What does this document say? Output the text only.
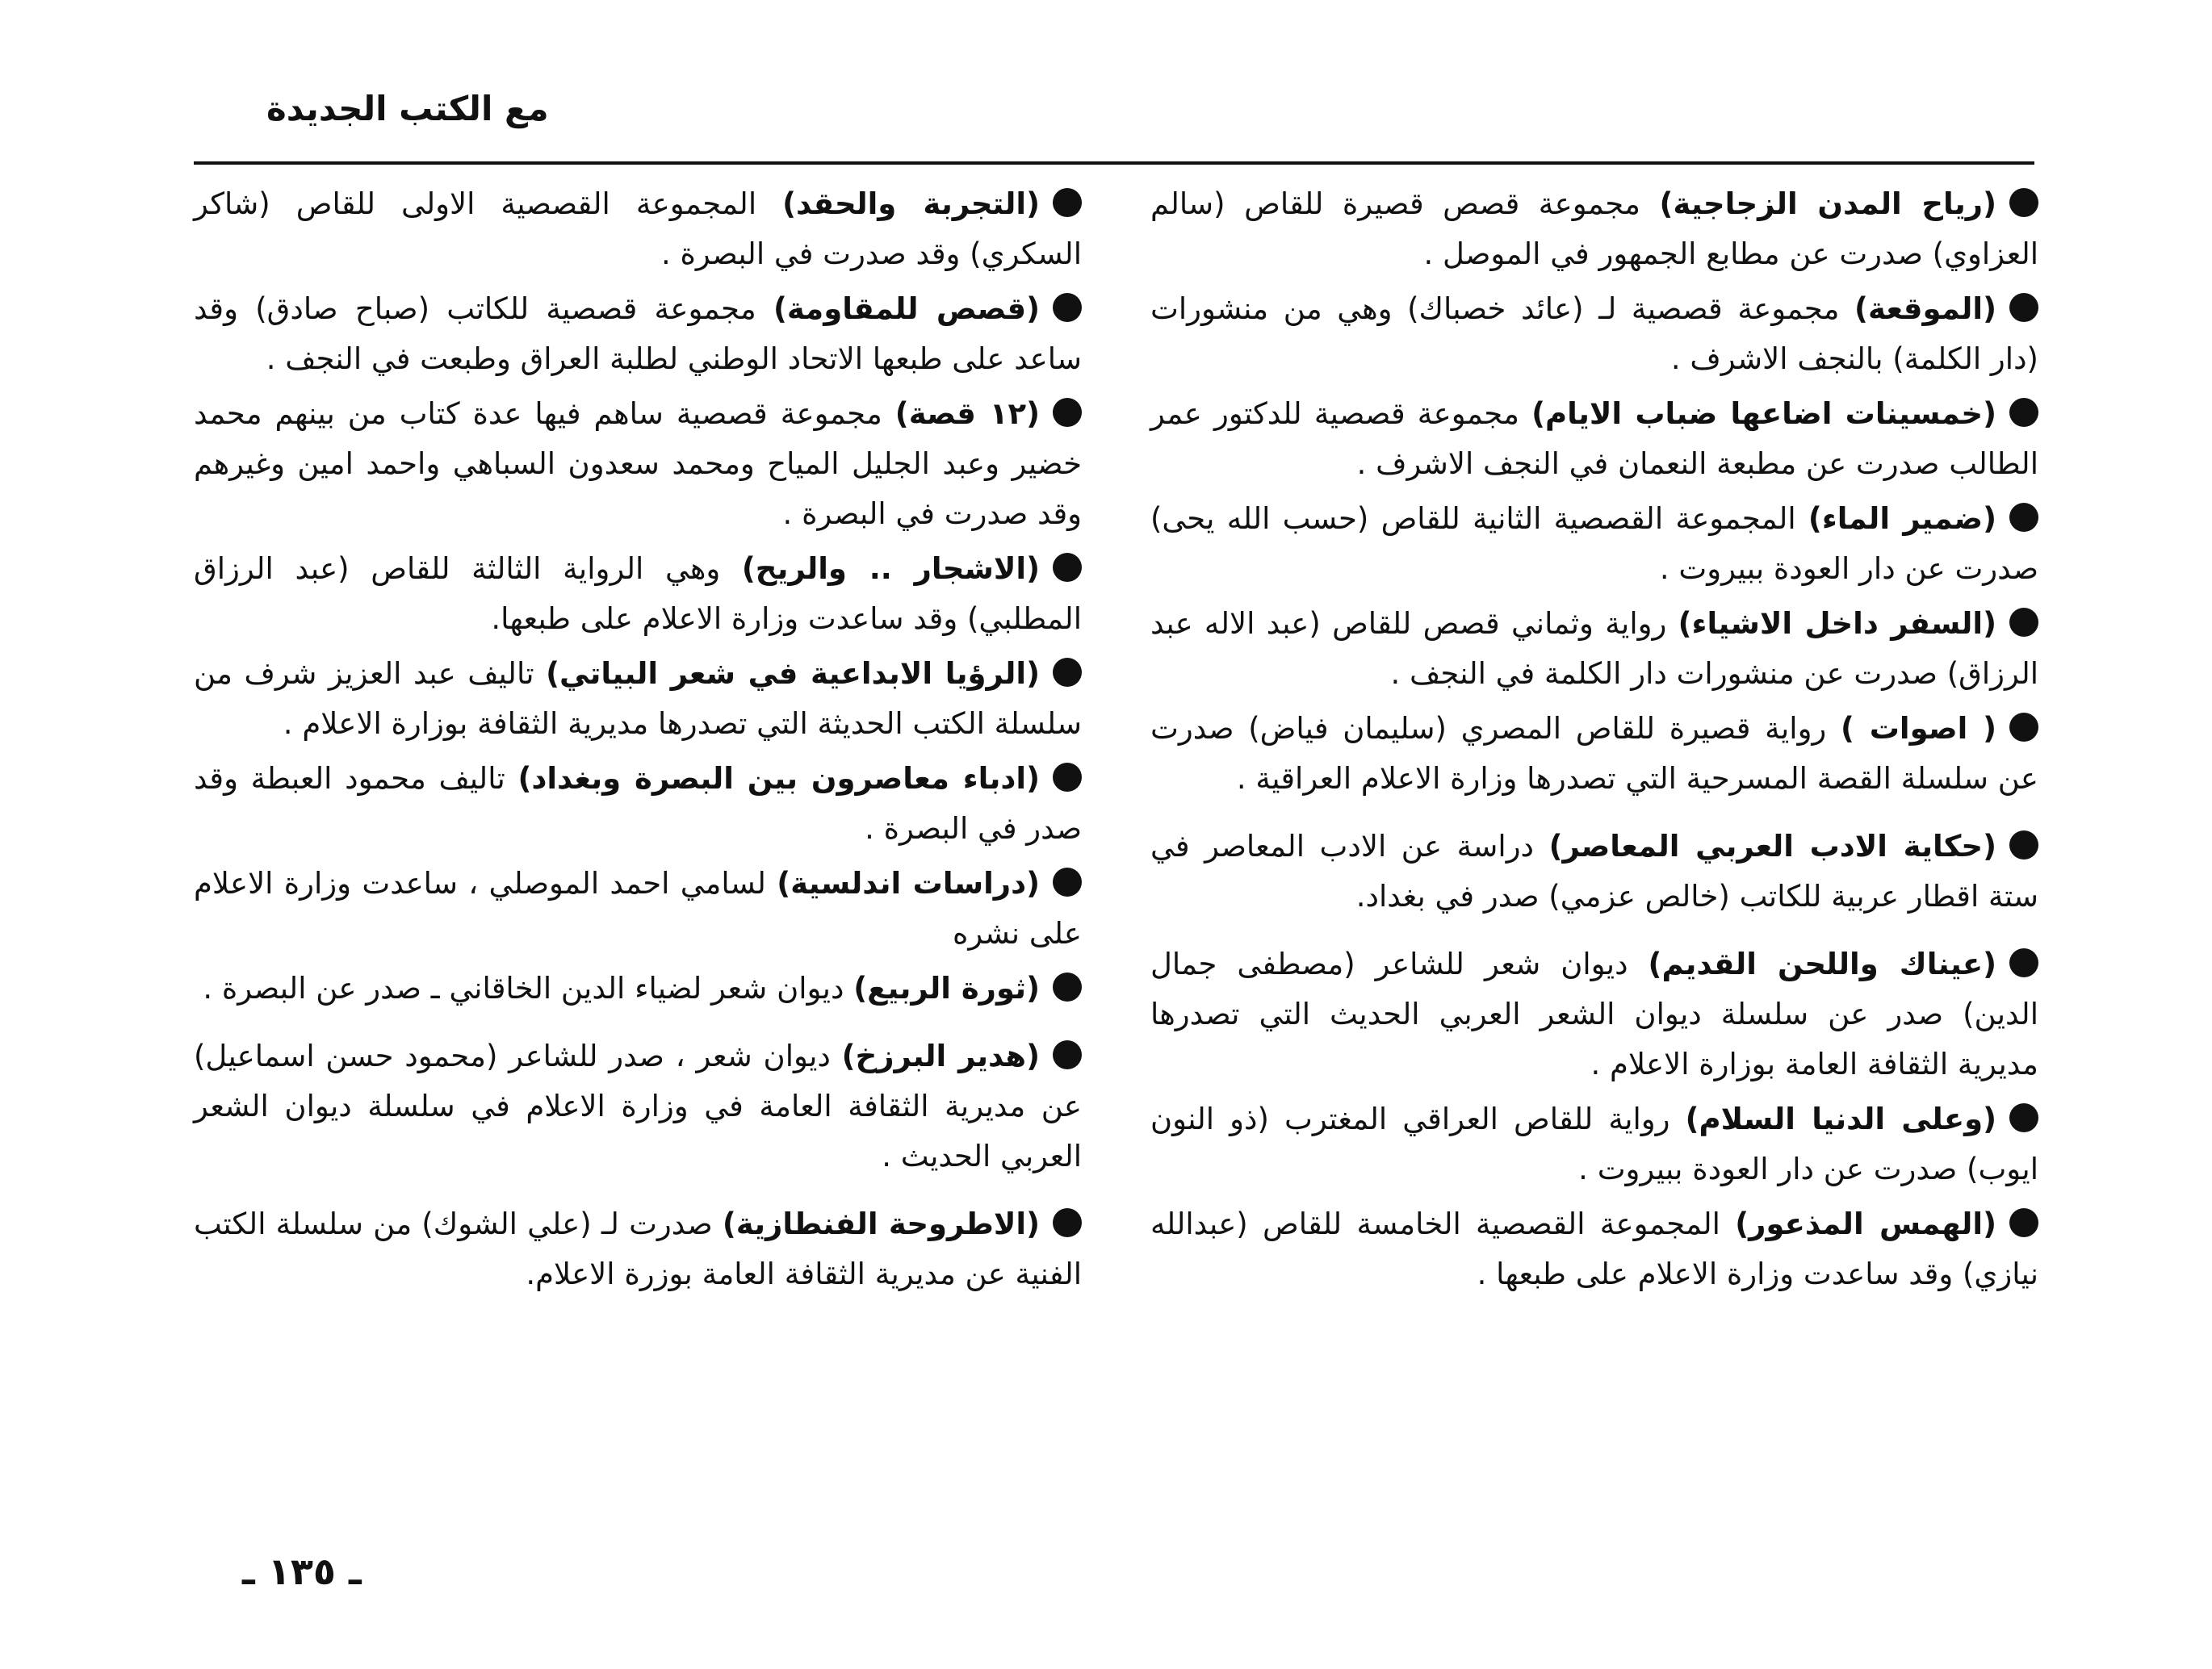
مع الكتب الجديدة

(رياح المدن الزجاجية) مجموعة قصص قصيرة للقاص (سالم العزاوي) صدرت عن مطابع الجمهور في الموصل .

(الموقعة) مجموعة قصصية لـ (عائد خصباك) وهي من منشورات (دار الكلمة) بالنجف الاشرف .

(خمسينات اضاعها ضباب الايام) مجموعة قصصية للدكتور عمر الطالب صدرت عن مطبعة النعمان في النجف الاشرف .

(ضمير الماء) المجموعة القصصية الثانية للقاص (حسب الله يحى) صدرت عن دار العودة ببيروت .

(السفر داخل الاشياء) رواية وثماني قصص للقاص (عبد الاله عبد الرزاق) صدرت عن منشورات دار الكلمة في النجف .

( اصوات ) رواية قصيرة للقاص المصري (سليمان فياض) صدرت عن سلسلة القصة المسرحية التي تصدرها وزارة الاعلام العراقية .

(حكاية الادب العربي المعاصر) دراسة عن الادب المعاصر في ستة اقطار عربية للكاتب (خالص عزمي) صدر في بغداد.

(عيناك واللحن القديم) ديوان شعر للشاعر (مصطفى جمال الدين) صدر عن سلسلة ديوان الشعر العربي الحديث التي تصدرها مديرية الثقافة العامة بوزارة الاعلام .

(وعلى الدنيا السلام) رواية للقاص العراقي المغترب (ذو النون ايوب) صدرت عن دار العودة ببيروت .

(الهمس المذعور) المجموعة القصصية الخامسة للقاص (عبدالله نيازي) وقد ساعدت وزارة الاعلام على طبعها .

(التجربة والحقد) المجموعة القصصية الاولى للقاص (شاكر السكري) وقد صدرت في البصرة .

(قصص للمقاومة) مجموعة قصصية للكاتب (صباح صادق) وقد ساعد على طبعها الاتحاد الوطني لطلبة العراق وطبعت في النجف .

(١٢ قصة) مجموعة قصصية ساهم فيها عدة كتاب من بينهم محمد خضير وعبد الجليل المياح ومحمد سعدون السباهي واحمد امين وغيرهم وقد صدرت في البصرة .

(الاشجار .. والريح) وهي الرواية الثالثة للقاص (عبد الرزاق المطلبي) وقد ساعدت وزارة الاعلام على طبعها.

(الرؤيا الابداعية في شعر البياتي) تاليف عبد العزيز شرف من سلسلة الكتب الحديثة التي تصدرها مديرية الثقافة بوزارة الاعلام .

(ادباء معاصرون بين البصرة وبغداد) تاليف محمود العبطة وقد صدر في البصرة .

(دراسات اندلسية) لسامي احمد الموصلي ، ساعدت وزارة الاعلام على نشره

(ثورة الربيع) ديوان شعر لضياء الدين الخاقاني ـ صدر عن البصرة .

(هدير البرزخ) ديوان شعر ، صدر للشاعر (محمود حسن اسماعيل) عن مديرية الثقافة العامة في وزارة الاعلام في سلسلة ديوان الشعر العربي الحديث .

(الاطروحة الفنطازية) صدرت لـ (علي الشوك) من سلسلة الكتب الفنية عن مديرية الثقافة العامة بوزرة الاعلام.

ـ ١٣٥ ـ
